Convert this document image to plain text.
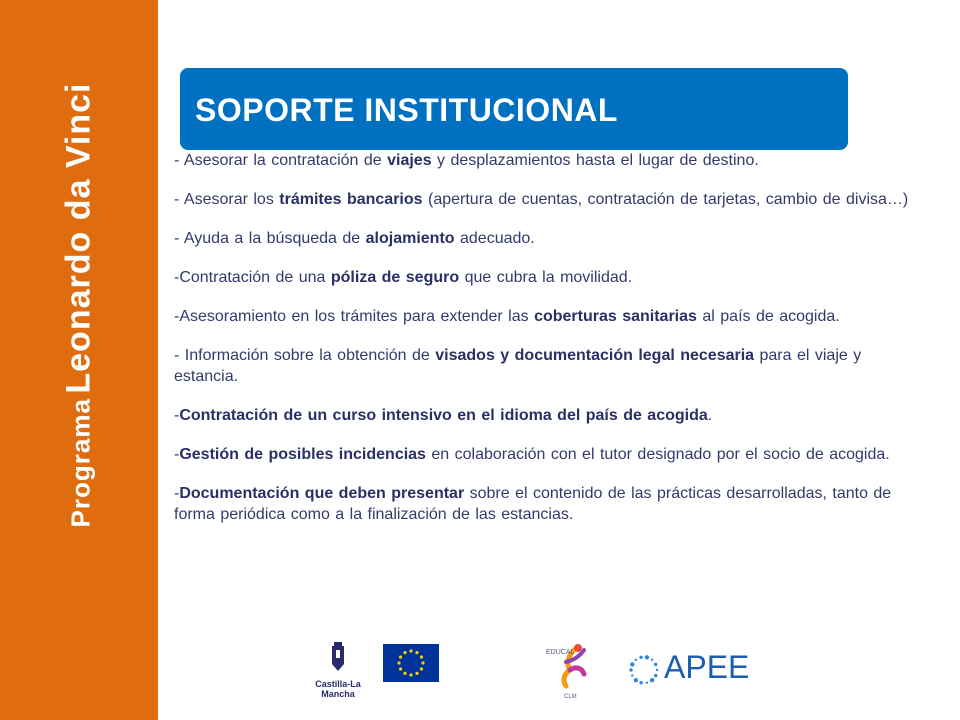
Programa Leonardo da Vinci	SOPORTE INSTITUCIONAL

- Asesorar la contratación de viajes y desplazamientos hasta el lugar de destino.

- Asesorar los trámites bancarios (apertura de cuentas, contratación de tarjetas, cambio de divisa…)

- Ayuda a la búsqueda de alojamiento adecuado.

-Contratación de una póliza de seguro que cubra la movilidad.

-Asesoramiento en los trámites para extender las coberturas sanitarias al país de acogida.

- Información sobre la obtención de visados y documentación legal necesaria para el viaje y estancia.

-Contratación de un curso intensivo en el idioma del país de acogida.

-Gestión de posibles incidencias en colaboración con el tutor designado por el socio de acogida.

-Documentación que deben presentar sobre el contenido de las prácticas desarrolladas, tanto de forma periódica como a la finalización de las estancias.

Castilla-La Mancha
EDUCAL
CLM
APEE
